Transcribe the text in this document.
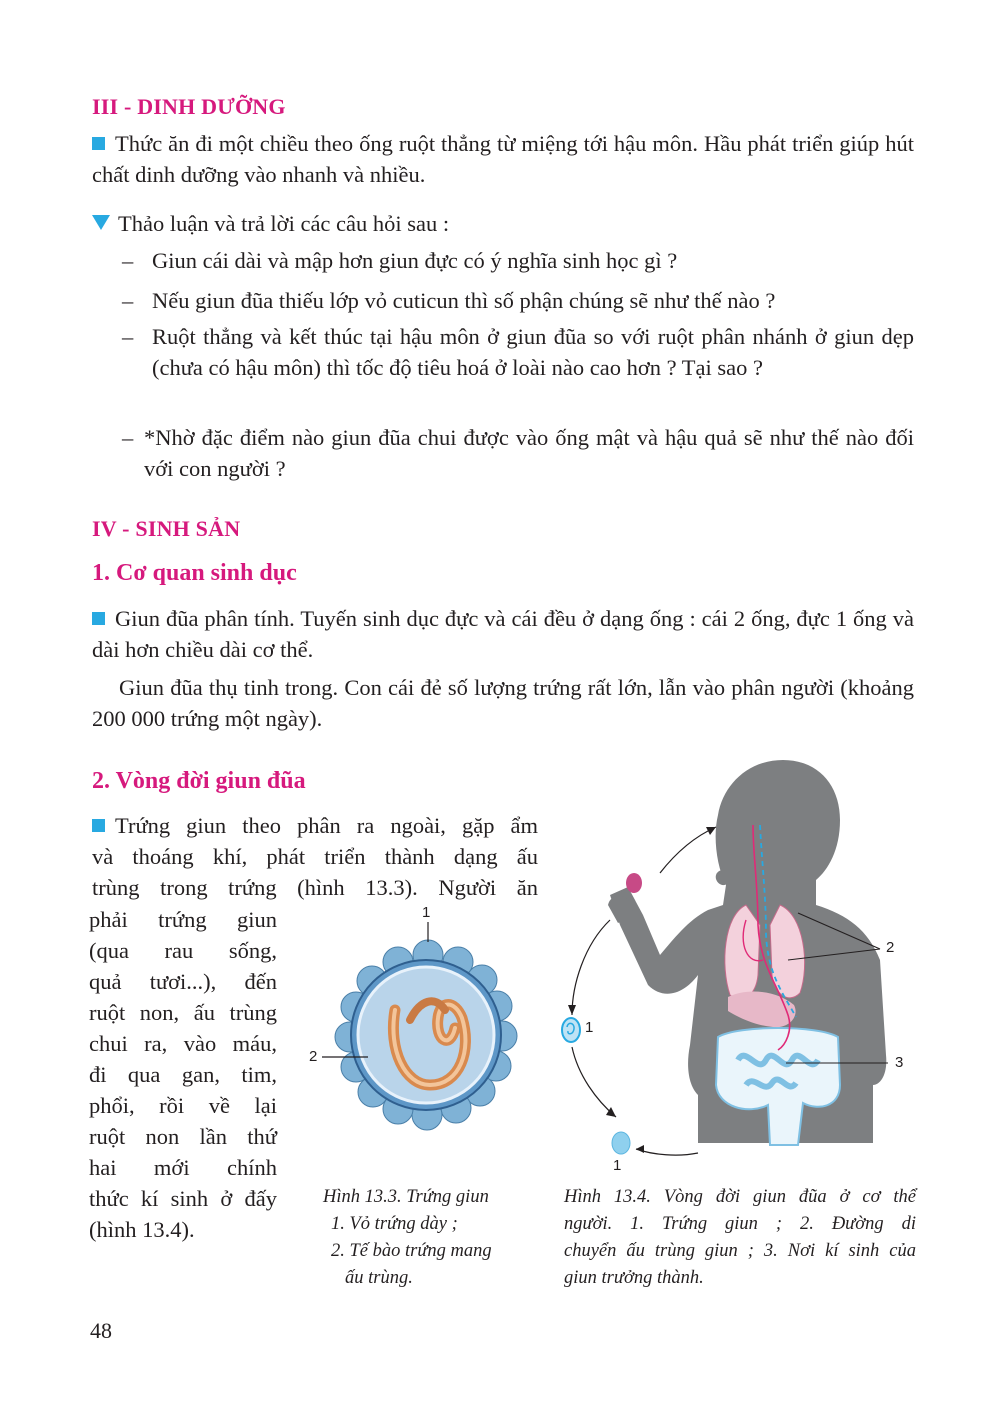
III - DINH DƯỠNG
Thức ăn đi một chiều theo ống ruột thẳng từ miệng tới hậu môn. Hầu phát triển giúp hút chất dinh dưỡng vào nhanh và nhiều.
Thảo luận và trả lời các câu hỏi sau :
– Giun cái dài và mập hơn giun đực có ý nghĩa sinh học gì ?
– Nếu giun đũa thiếu lớp vỏ cuticun thì số phận chúng sẽ như thế nào ?
– Ruột thẳng và kết thúc tại hậu môn ở giun đũa so với ruột phân nhánh ở giun dẹp (chưa có hậu môn) thì tốc độ tiêu hoá ở loài nào cao hơn ? Tại sao ?
– *Nhờ đặc điểm nào giun đũa chui được vào ống mật và hậu quả sẽ như thế nào đối với con người ?
IV - SINH SẢN
1. Cơ quan sinh dục
Giun đũa phân tính. Tuyến sinh dục đực và cái đều ở dạng ống : cái 2 ống, đực 1 ống và dài hơn chiều dài cơ thể.
Giun đũa thụ tinh trong. Con cái đẻ số lượng trứng rất lớn, lẫn vào phân người (khoảng 200 000 trứng một ngày).
2. Vòng đời giun đũa
Trứng giun theo phân ra ngoài, gặp ẩm
và thoáng khí, phát triển thành dạng ấu
trùng trong trứng (hình 13.3). Người ăn
phải trứng giun
(qua rau sống,
quả tươi...), đến
ruột non, ấu trùng
chui ra, vào máu,
đi qua gan, tim,
phổi, rồi về lại
ruột non lần thứ
hai mới chính
thức kí sinh ở đấy
(hình 13.4).
1
2
Hình 13.3. Trứng giun
1. Vỏ trứng dày ;
2. Tế bào trứng mang
ấu trùng.
1
1
2
3
Hình 13.4. Vòng đời giun đũa ở cơ thể
người. 1. Trứng giun ; 2. Đường di
chuyển ấu trùng giun ; 3. Nơi kí sinh của
giun trưởng thành.
48
